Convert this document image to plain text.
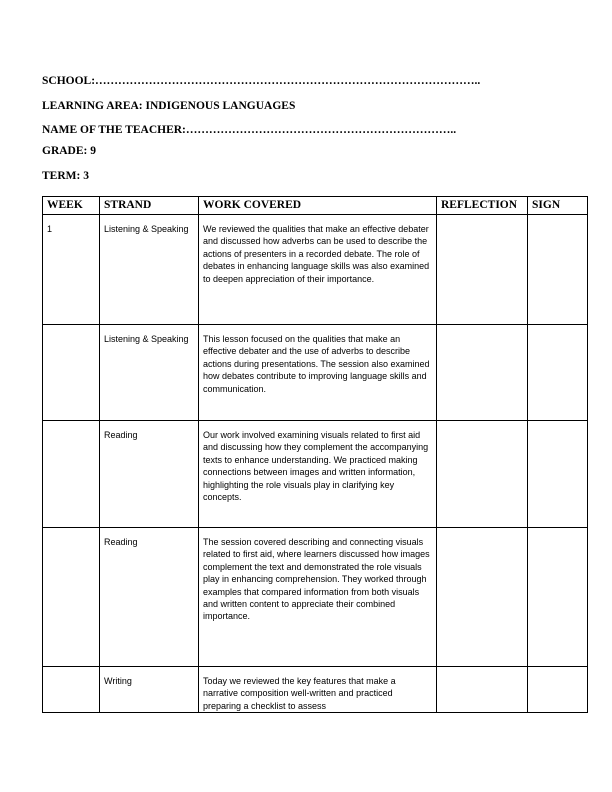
SCHOOL:………………………………………………………………………………………..
LEARNING AREA: INDIGENOUS LANGUAGES
NAME OF THE TEACHER:……………………………………………………………..
GRADE: 9
TERM: 3
WEEK	STRAND	WORK COVERED	REFLECTION	SIGN
1	Listening & Speaking	We reviewed the qualities that make an effective debater and discussed how adverbs can be used to describe the actions of presenters in a recorded debate. The role of debates in enhancing language skills was also examined to deepen appreciation of their importance.		
	Listening & Speaking	This lesson focused on the qualities that make an effective debater and the use of adverbs to describe actions during presentations. The session also examined how debates contribute to improving language skills and communication.		
	Reading	Our work involved examining visuals related to first aid and discussing how they complement the accompanying texts to enhance understanding. We practiced making connections between images and written information, highlighting the role visuals play in clarifying key concepts.		
	Reading	The session covered describing and connecting visuals related to first aid, where learners discussed how images complement the text and demonstrated the role visuals play in enhancing comprehension. They worked through examples that compared information from both visuals and written content to appreciate their combined importance.		
	Writing	Today we reviewed the key features that make a narrative composition well-written and practiced preparing a checklist to assess		
